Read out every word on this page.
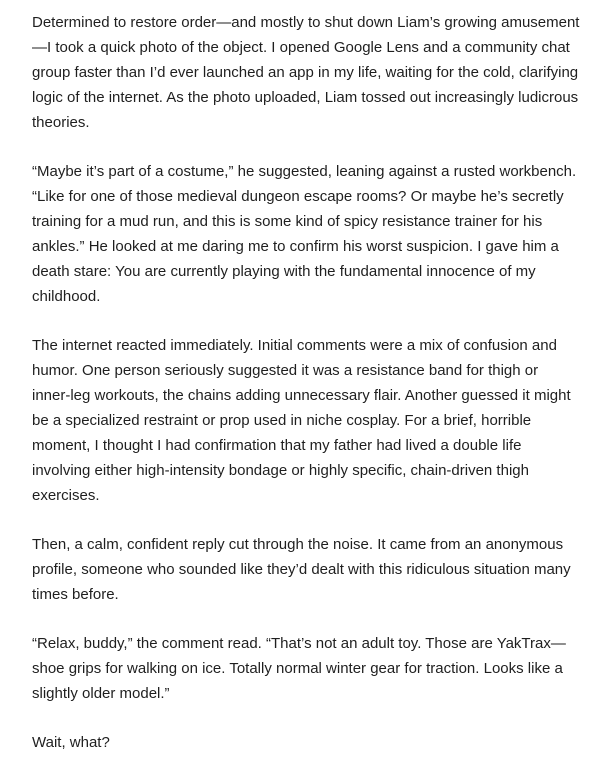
Determined to restore order—and mostly to shut down Liam’s growing amusement—I took a quick photo of the object. I opened Google Lens and a community chat group faster than I’d ever launched an app in my life, waiting for the cold, clarifying logic of the internet. As the photo uploaded, Liam tossed out increasingly ludicrous theories.

“Maybe it’s part of a costume,” he suggested, leaning against a rusted workbench. “Like for one of those medieval dungeon escape rooms? Or maybe he’s secretly training for a mud run, and this is some kind of spicy resistance trainer for his ankles.” He looked at me daring me to confirm his worst suspicion. I gave him a death stare: You are currently playing with the fundamental innocence of my childhood.

The internet reacted immediately. Initial comments were a mix of confusion and humor. One person seriously suggested it was a resistance band for thigh or inner-leg workouts, the chains adding unnecessary flair. Another guessed it might be a specialized restraint or prop used in niche cosplay. For a brief, horrible moment, I thought I had confirmation that my father had lived a double life involving either high-intensity bondage or highly specific, chain-driven thigh exercises.

Then, a calm, confident reply cut through the noise. It came from an anonymous profile, someone who sounded like they’d dealt with this ridiculous situation many times before.

“Relax, buddy,” the comment read. “That’s not an adult toy. Those are YakTrax—shoe grips for walking on ice. Totally normal winter gear for traction. Looks like a slightly older model.”

Wait, what?
